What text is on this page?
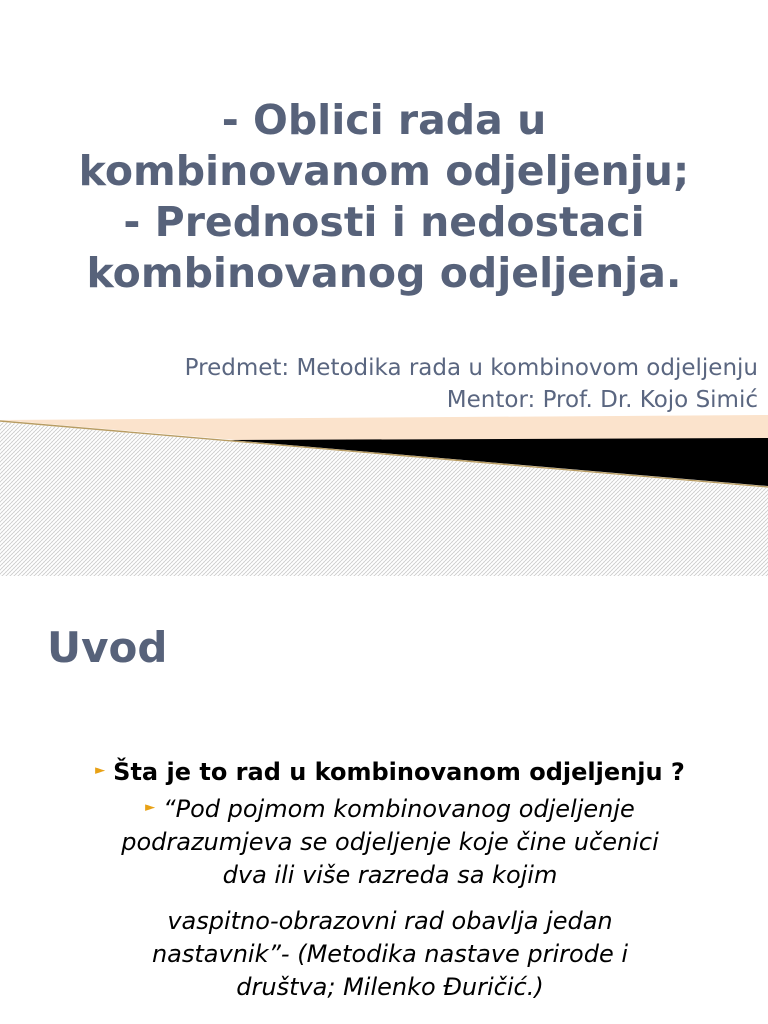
- Oblici rada u
kombinovanom odjeljenju;
- Prednosti i nedostaci
kombinovanog odjeljenja.
Predmet: Metodika rada u kombinovom odjeljenju
Mentor: Prof. Dr. Kojo Simić
Uvod
► Šta je to rad u kombinovanom odjeljenju ?
► “Pod pojmom kombinovanog odjeljenje
podrazumjeva se odjeljenje koje čine učenici
dva ili više razreda sa kojim
vaspitno-obrazovni rad obavlja jedan
nastavnik”- (Metodika nastave prirode i
društva; Milenko Đuričić.)
